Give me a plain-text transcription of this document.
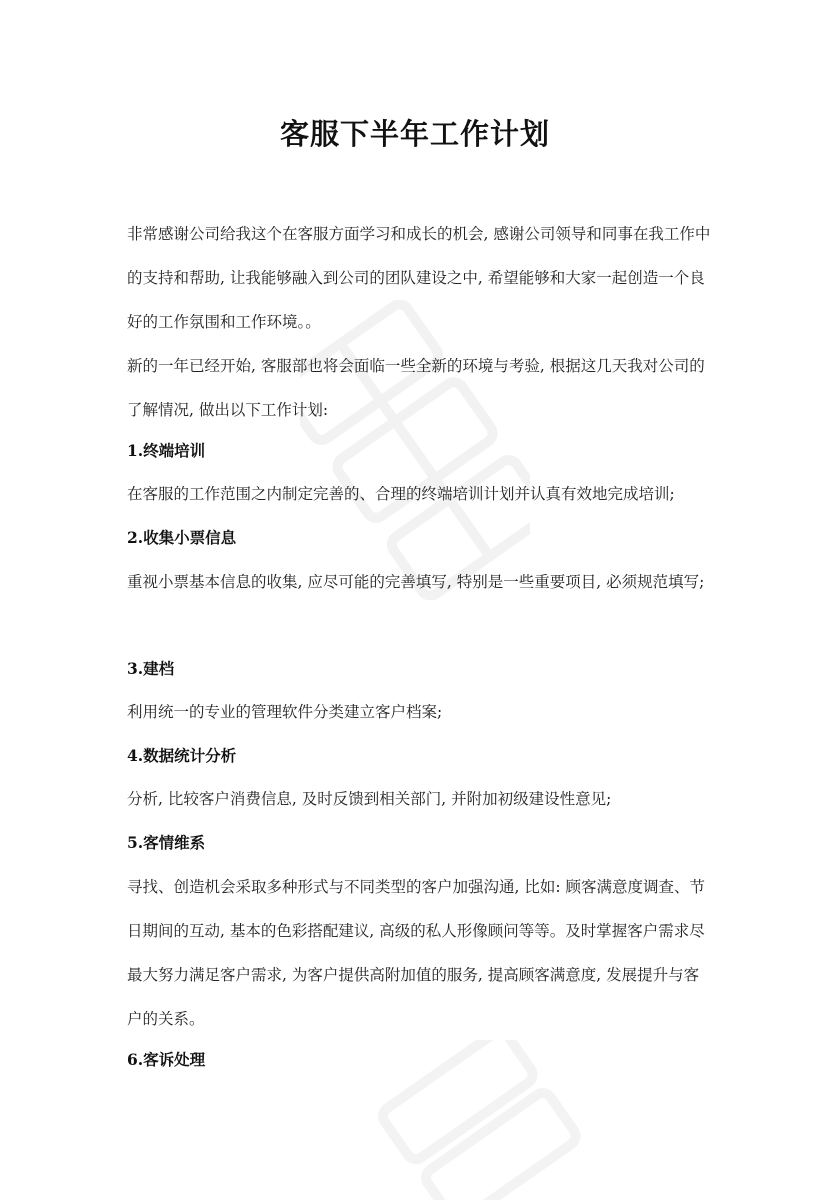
客服下半年工作计划

非常感谢公司给我这个在客服方面学习和成长的机会, 感谢公司领导和同事在我工作中的支持和帮助, 让我能够融入到公司的团队建设之中, 希望能够和大家一起创造一个良好的工作氛围和工作环境。。

新的一年已经开始, 客服部也将会面临一些全新的环境与考验, 根据这几天我对公司的了解情况, 做出以下工作计划:

1.终端培训

在客服的工作范围之内制定完善的、合理的终端培训计划并认真有效地完成培训;

2.收集小票信息

重视小票基本信息的收集, 应尽可能的完善填写, 特别是一些重要项目, 必须规范填写;

3.建档

利用统一的专业的管理软件分类建立客户档案;

4.数据统计分析

分析, 比较客户消费信息, 及时反馈到相关部门, 并附加初级建设性意见;

5.客情维系

寻找、创造机会采取多种形式与不同类型的客户加强沟通, 比如: 顾客满意度调查、节日期间的互动, 基本的色彩搭配建议, 高级的私人形像顾问等等。及时掌握客户需求尽最大努力满足客户需求, 为客户提供高附加值的服务, 提高顾客满意度, 发展提升与客户的关系。

6.客诉处理
